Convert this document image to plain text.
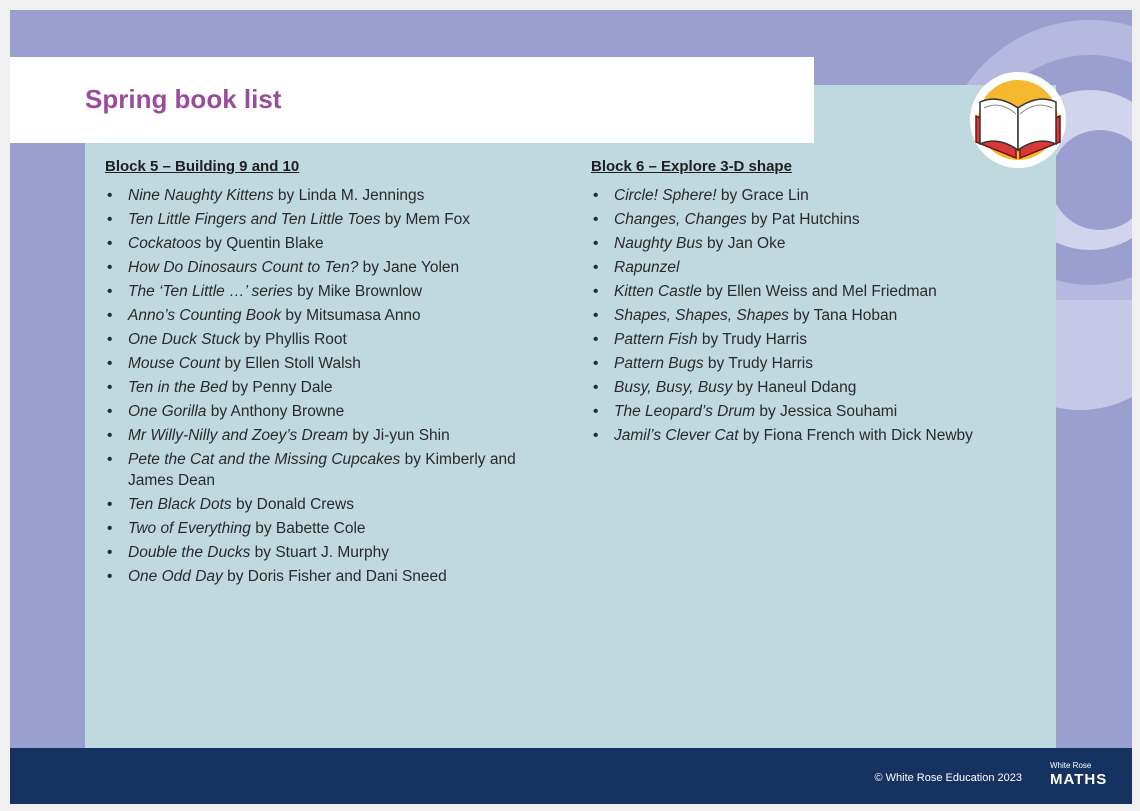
Spring book list
Block 5 – Building 9 and 10
• Nine Naughty Kittens by Linda M. Jennings
• Ten Little Fingers and Ten Little Toes by Mem Fox
• Cockatoos by Quentin Blake
• How Do Dinosaurs Count to Ten? by Jane Yolen
• The ‘Ten Little …’ series by Mike Brownlow
• Anno’s Counting Book by Mitsumasa Anno
• One Duck Stuck by Phyllis Root
• Mouse Count by Ellen Stoll Walsh
• Ten in the Bed by Penny Dale
• One Gorilla by Anthony Browne
• Mr Willy-Nilly and Zoey’s Dream by Ji-yun Shin
• Pete the Cat and the Missing Cupcakes by Kimberly and James Dean
• Ten Black Dots by Donald Crews
• Two of Everything by Babette Cole
• Double the Ducks by Stuart J. Murphy
• One Odd Day by Doris Fisher and Dani Sneed
Block 6 – Explore 3-D shape
• Circle! Sphere! by Grace Lin
• Changes, Changes by Pat Hutchins
• Naughty Bus by Jan Oke
• Rapunzel
• Kitten Castle by Ellen Weiss and Mel Friedman
• Shapes, Shapes, Shapes by Tana Hoban
• Pattern Fish by Trudy Harris
• Pattern Bugs by Trudy Harris
• Busy, Busy, Busy by Haneul Ddang
• The Leopard’s Drum by Jessica Souhami
• Jamil’s Clever Cat by Fiona French with Dick Newby
© White Rose Education 2023
White Rose
MATHS
